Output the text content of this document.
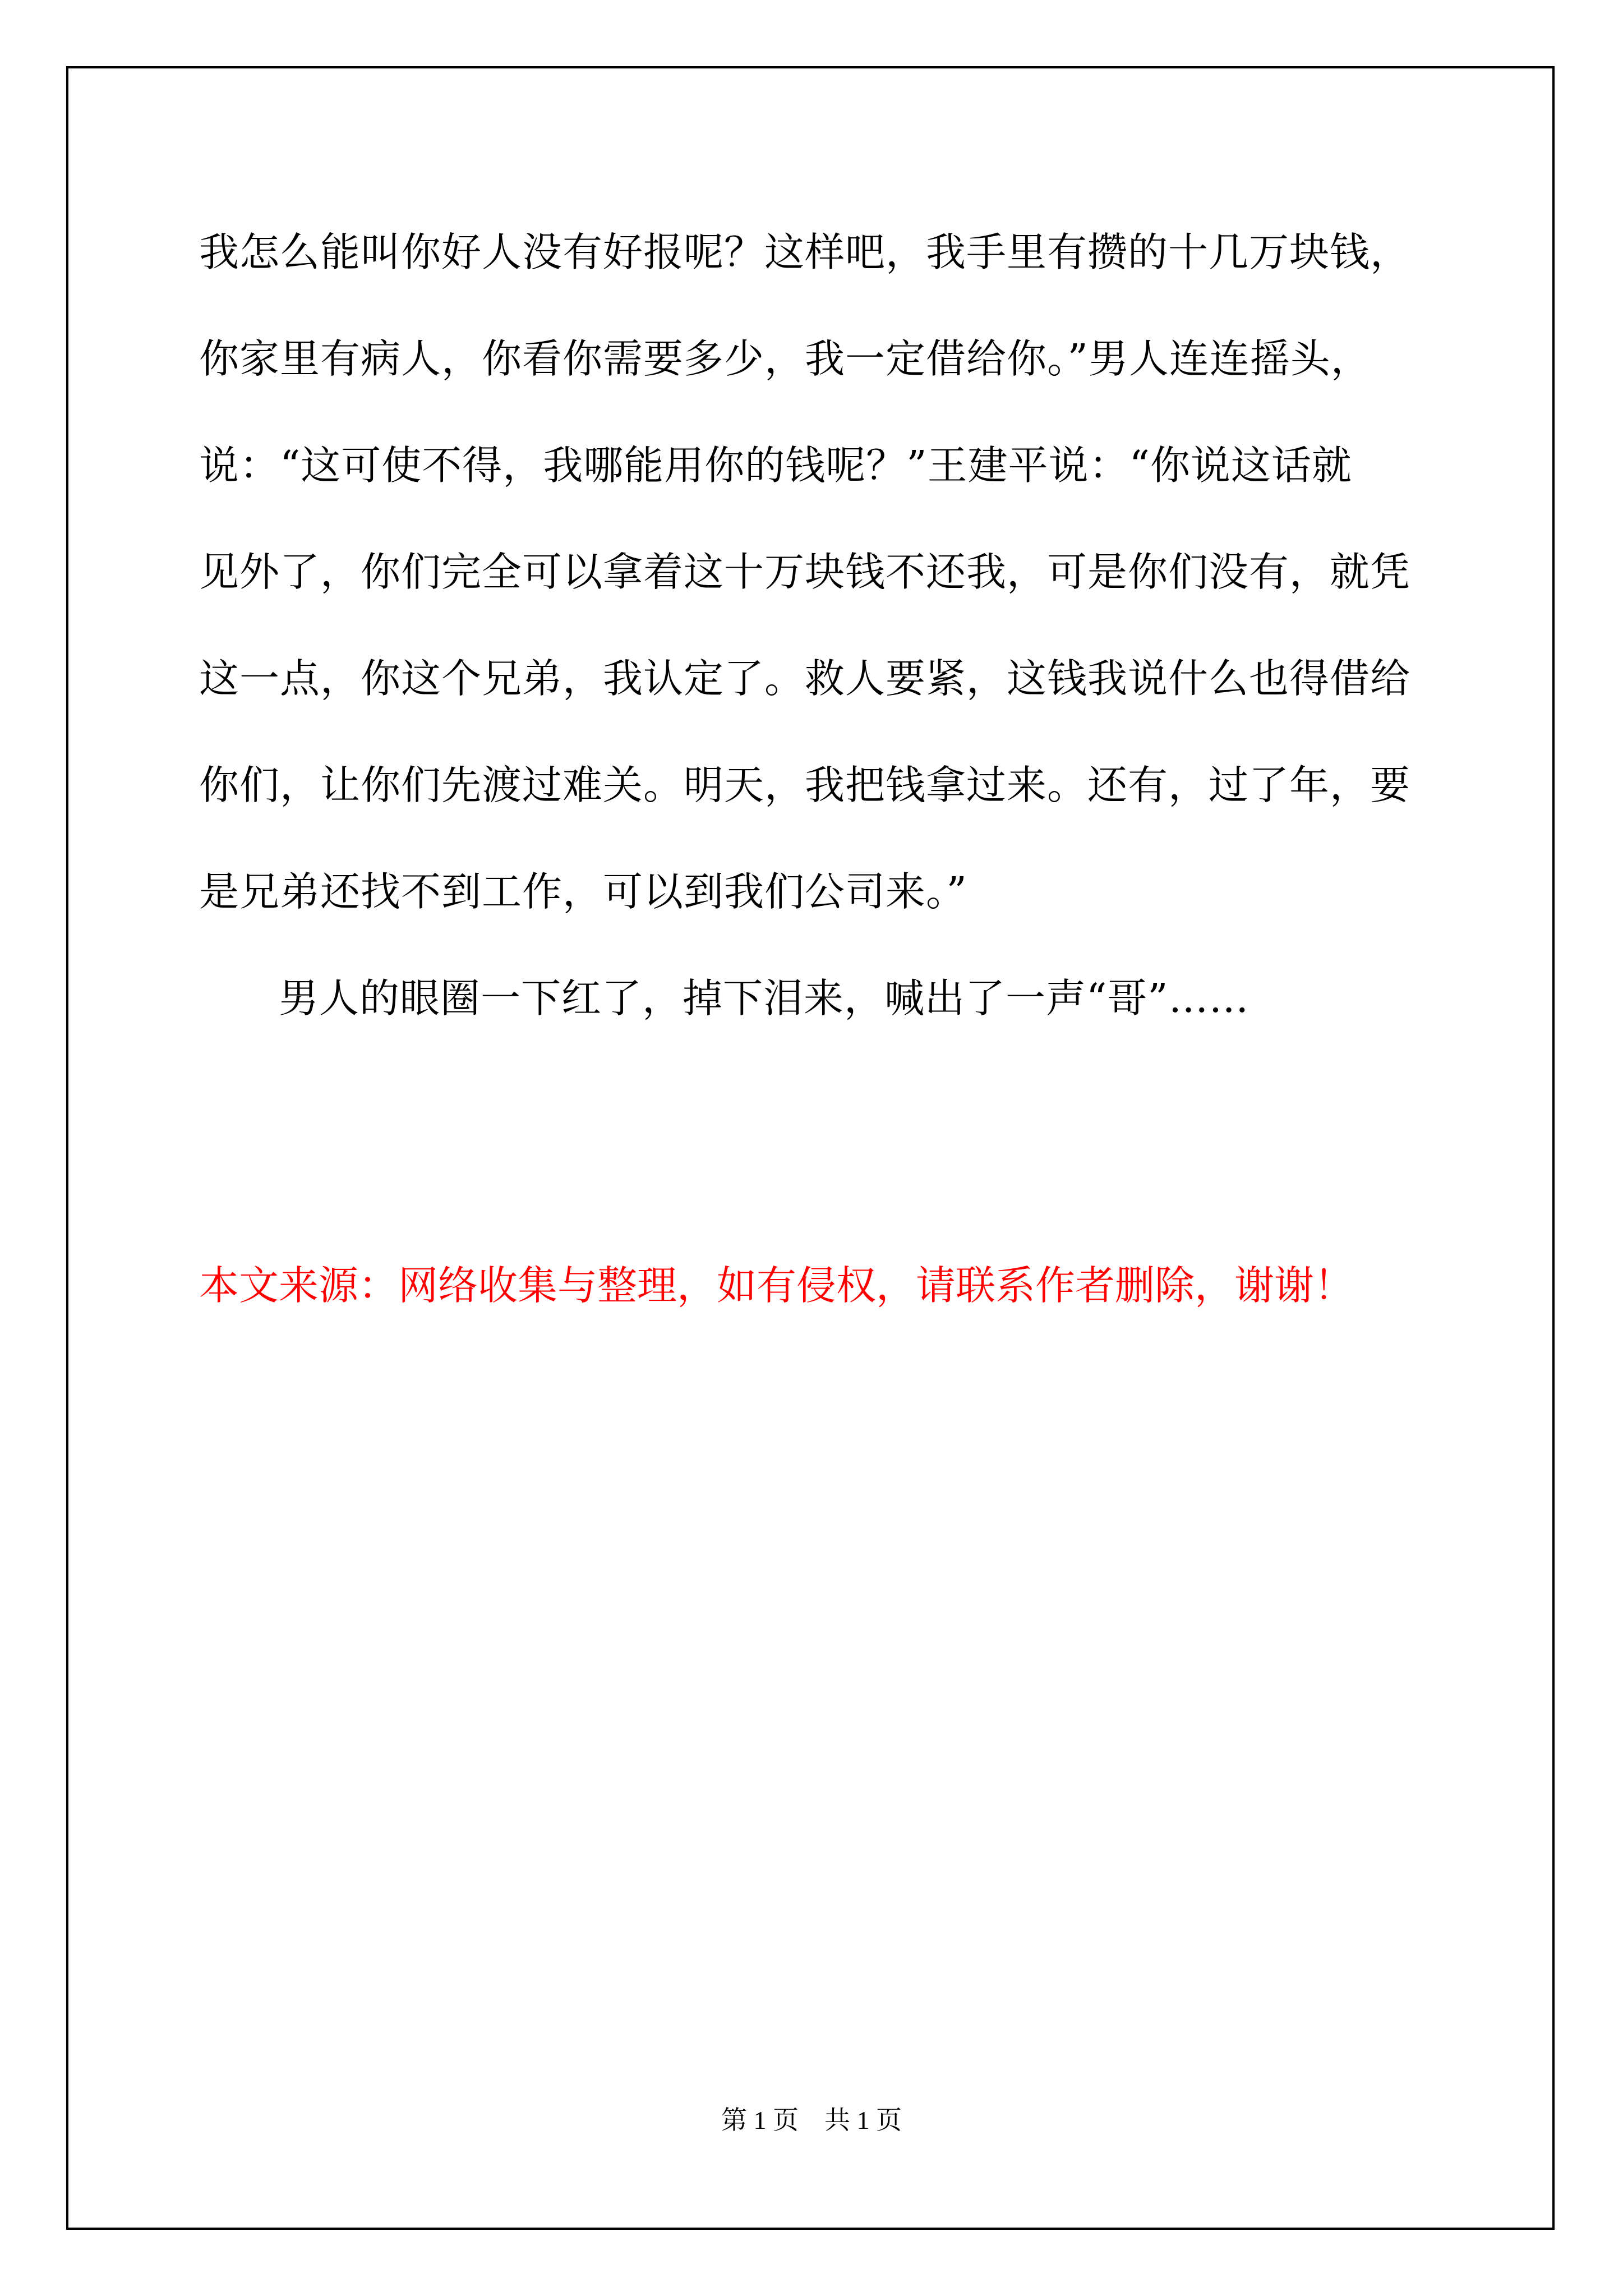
我怎么能叫你好人没有好报呢？这样吧，我手里有攒的十几万块钱，
你家里有病人，你看你需要多少，我一定借给你。”男人连连摇头，
说：“这可使不得，我哪能用你的钱呢？”王建平说：“你说这话就
见外了，你们完全可以拿着这十万块钱不还我，可是你们没有，就凭
这一点，你这个兄弟，我认定了。救人要紧，这钱我说什么也得借给
你们，让你们先渡过难关。明天，我把钱拿过来。还有，过了年，要
是兄弟还找不到工作，可以到我们公司来。”
男人的眼圈一下红了，掉下泪来，喊出了一声“哥”……
本文来源：网络收集与整理，如有侵权，请联系作者删除，谢谢！
第 1 页　共 1 页
